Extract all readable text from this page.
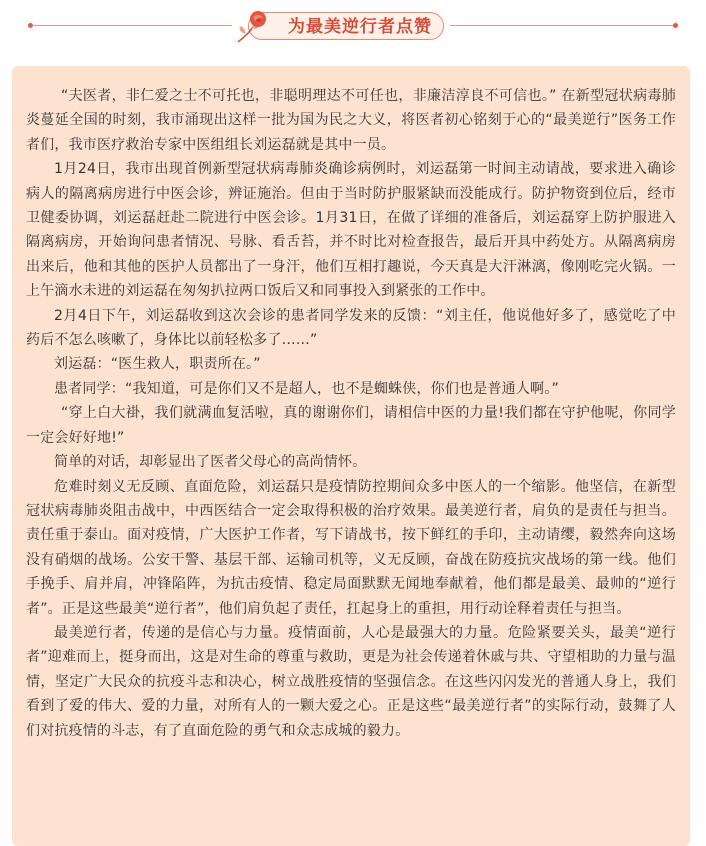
为最美逆行者点赞

“夫医者，非仁爱之士不可托也，非聪明理达不可任也，非廉洁淳良不可信也。” 在新型冠状病毒肺炎蔓延全国的时刻，我市涌现出这样一批为国为民之大义，将医者初心铭刻于心的“最美逆行”医务工作者们，我市医疗救治专家中医组组长刘运磊就是其中一员。

1月24日，我市出现首例新型冠状病毒肺炎确诊病例时，刘运磊第一时间主动请战，要求进入确诊病人的隔离病房进行中医会诊，辨证施治。但由于当时防护服紧缺而没能成行。防护物资到位后，经市卫健委协调，刘运磊赶赴二院进行中医会诊。1月31日，在做了详细的准备后，刘运磊穿上防护服进入隔离病房，开始询问患者情况、号脉、看舌苔，并不时比对检查报告，最后开具中药处方。从隔离病房出来后，他和其他的医护人员都出了一身汗，他们互相打趣说，今天真是大汗淋漓，像刚吃完火锅。一上午滴水未进的刘运磊在匆匆扒拉两口饭后又和同事投入到紧张的工作中。

2月4日下午，刘运磊收到这次会诊的患者同学发来的反馈：“刘主任，他说他好多了，感觉吃了中药后不怎么咳嗽了，身体比以前轻松多了……”

刘运磊：“医生救人，职责所在。”

患者同学：“我知道，可是你们又不是超人，也不是蜘蛛侠，你们也是普通人啊。”

“穿上白大褂，我们就满血复活啦，真的谢谢你们，请相信中医的力量!我们都在守护他呢，你同学一定会好好地!”

简单的对话，却彰显出了医者父母心的高尚情怀。

危难时刻义无反顾、直面危险，刘运磊只是疫情防控期间众多中医人的一个缩影。他坚信，在新型冠状病毒肺炎阻击战中，中西医结合一定会取得积极的治疗效果。最美逆行者，肩负的是责任与担当。责任重于泰山。面对疫情，广大医护工作者，写下请战书，按下鲜红的手印，主动请缨，毅然奔向这场没有硝烟的战场。公安干警、基层干部、运输司机等，义无反顾，奋战在防疫抗灾战场的第一线。他们手挽手、肩并肩，冲锋陷阵，为抗击疫情、稳定局面默默无闻地奉献着，他们都是最美、最帅的“逆行者”。正是这些最美“逆行者”，他们肩负起了责任，扛起身上的重担，用行动诠释着责任与担当。

最美逆行者，传递的是信心与力量。疫情面前，人心是最强大的力量。危险紧要关头，最美“逆行者”迎难而上，挺身而出，这是对生命的尊重与救助，更是为社会传递着休戚与共、守望相助的力量与温情，坚定广大民众的抗疫斗志和决心，树立战胜疫情的坚强信念。在这些闪闪发光的普通人身上，我们看到了爱的伟大、爱的力量，对所有人的一颗大爱之心。正是这些“最美逆行者”的实际行动，鼓舞了人们对抗疫情的斗志，有了直面危险的勇气和众志成城的毅力。
